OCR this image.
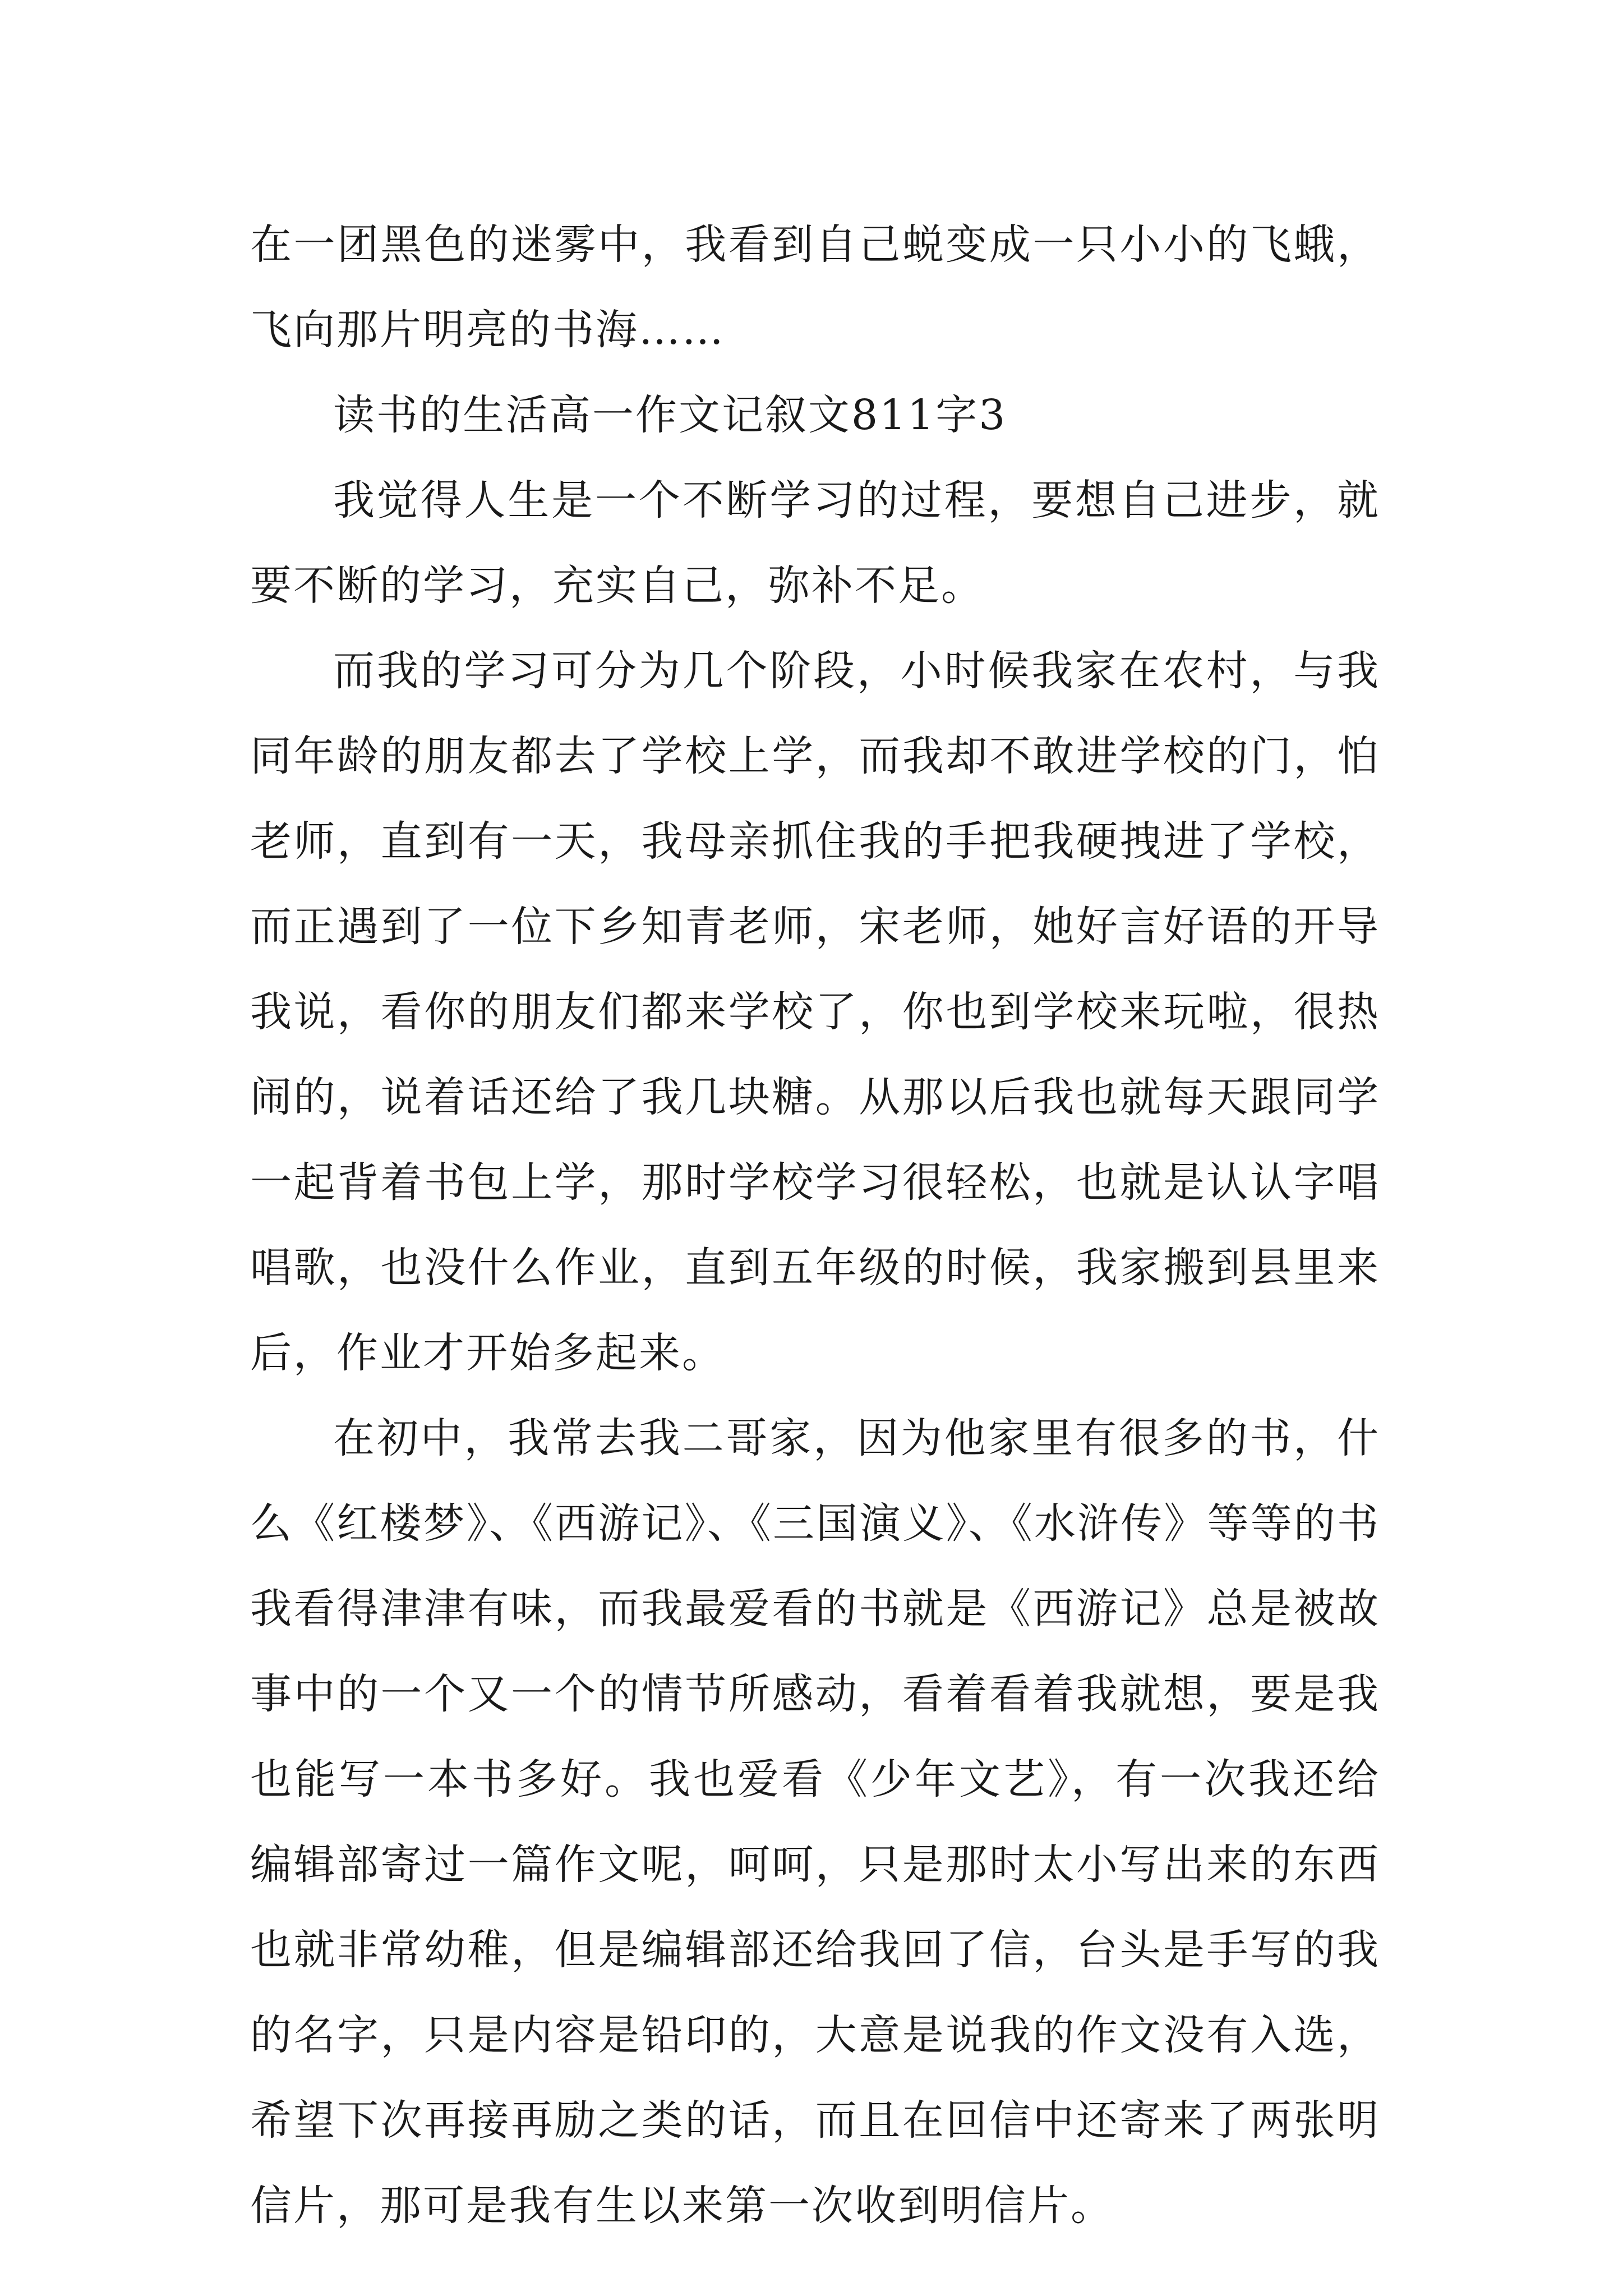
在一团黑色的迷雾中，我看到自己蜕变成一只小小的飞蛾，飞向那片明亮的书海……

读书的生活高一作文记叙文811字3

我觉得人生是一个不断学习的过程，要想自己进步，就要不断的学习，充实自己，弥补不足。

而我的学习可分为几个阶段，小时候我家在农村，与我同年龄的朋友都去了学校上学，而我却不敢进学校的门，怕老师，直到有一天，我母亲抓住我的手把我硬拽进了学校，而正遇到了一位下乡知青老师，宋老师，她好言好语的开导我说，看你的朋友们都来学校了，你也到学校来玩啦，很热闹的，说着话还给了我几块糖。从那以后我也就每天跟同学一起背着书包上学，那时学校学习很轻松，也就是认认字唱唱歌，也没什么作业，直到五年级的时候，我家搬到县里来后，作业才开始多起来。

在初中，我常去我二哥家，因为他家里有很多的书，什么《红楼梦》、《西游记》、《三国演义》、《水浒传》等等的书我看得津津有味，而我最爱看的书就是《西游记》总是被故事中的一个又一个的情节所感动，看着看着我就想，要是我也能写一本书多好。我也爱看《少年文艺》，有一次我还给编辑部寄过一篇作文呢，呵呵，只是那时太小写出来的东西也就非常幼稚，但是编辑部还给我回了信，台头是手写的我的名字，只是内容是铅印的，大意是说我的作文没有入选，希望下次再接再励之类的话，而且在回信中还寄来了两张明信片，那可是我有生以来第一次收到明信片。
